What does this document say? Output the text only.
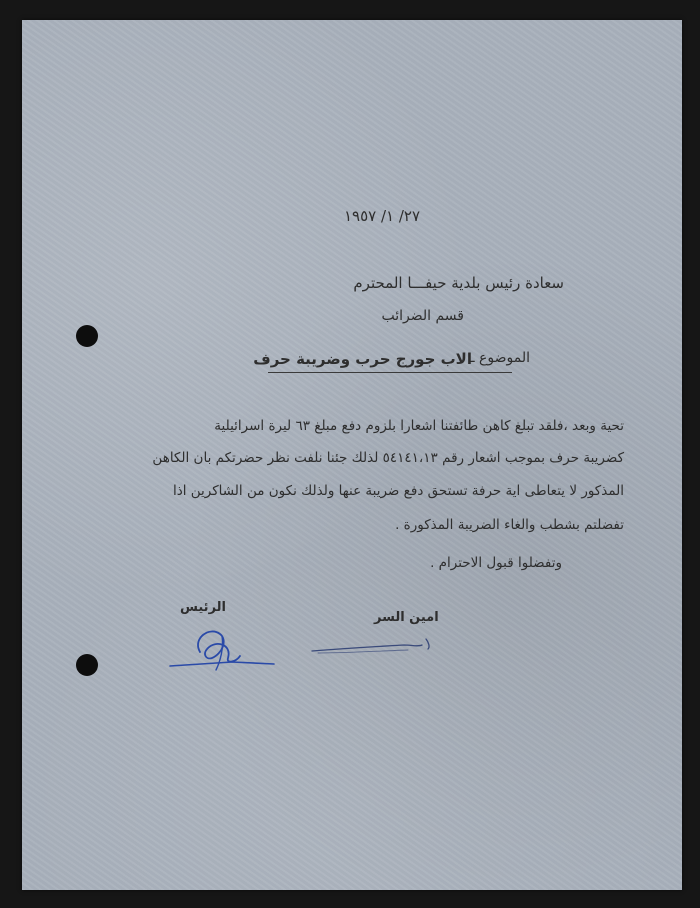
٢٧/ ١/ ١٩٥٧
سعادة رئيس بلدية حيفـــا المحترم
قسم الضرائب
الموضوع ـ
الاب جورج حرب وضريبة حرف
تحية وبعد ،فلقد تبلغ كاهن طائفتنا اشعارا بلزوم دفع مبلغ ٦٣ ليرة اسرائيلية
كضريبة حرف بموجب اشعار رقم ٥٤١٤١،١٣ لذلك جئنا نلفت نظر حضرتكم بان الكاهن
المذكور لا يتعاطى اية حرفة تستحق دفع ضريبة عنها ولذلك نكون من الشاكرين اذا
تفضلتم بشطب والغاء الضريبة المذكورة .
وتفضلوا قبول الاحترام .
الرئيس
امين السر
